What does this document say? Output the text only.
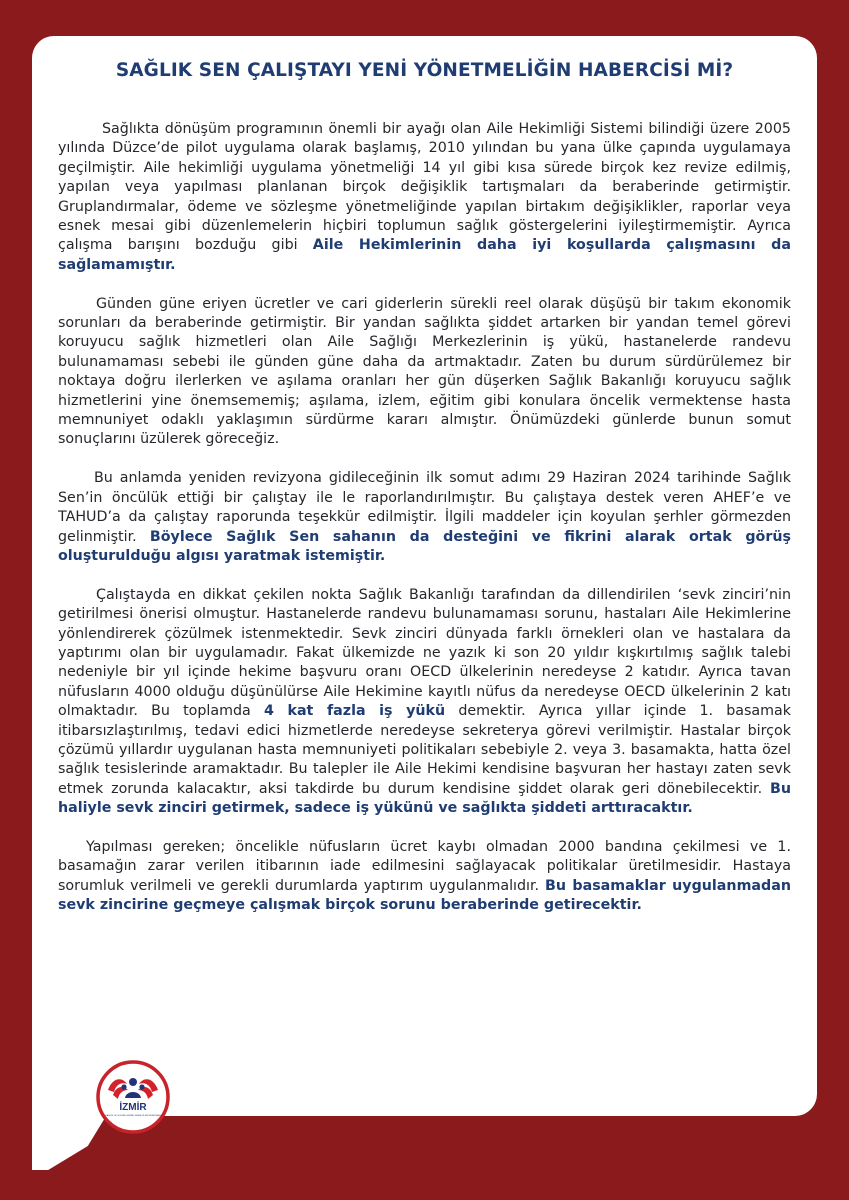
SAĞLIK SEN ÇALIŞTAYI YENİ YÖNETMELİĞİN HABERCİSİ Mİ?

Sağlıkta dönüşüm programının önemli bir ayağı olan Aile Hekimliği Sistemi bilindiği üzere 2005 yılında Düzce’de pilot uygulama olarak başlamış, 2010 yılından bu yana ülke çapında uygulamaya geçilmiştir. Aile hekimliği uygulama yönetmeliği 14 yıl gibi kısa sürede birçok kez revize edilmiş, yapılan veya yapılması planlanan birçok değişiklik tartışmaları da beraberinde getirmiştir. Gruplandırmalar, ödeme ve sözleşme yönetmeliğinde yapılan birtakım değişiklikler, raporlar veya esnek mesai gibi düzenlemelerin hiçbiri toplumun sağlık göstergelerini iyileştirmemiştir. Ayrıca çalışma barışını bozduğu gibi Aile Hekimlerinin daha iyi koşullarda çalışmasını da sağlamamıştır.

Günden güne eriyen ücretler ve cari giderlerin sürekli reel olarak düşüşü bir takım ekonomik sorunları da beraberinde getirmiştir. Bir yandan sağlıkta şiddet artarken bir yandan temel görevi koruyucu sağlık hizmetleri olan Aile Sağlığı Merkezlerinin iş yükü, hastanelerde randevu bulunamaması sebebi ile günden güne daha da artmaktadır. Zaten bu durum sürdürülemez bir noktaya doğru ilerlerken ve aşılama oranları her gün düşerken Sağlık Bakanlığı koruyucu sağlık hizmetlerini yine önemsememiş; aşılama, izlem, eğitim gibi konulara öncelik vermektense hasta memnuniyet odaklı yaklaşımın sürdürme kararı almıştır. Önümüzdeki günlerde bunun somut sonuçlarını üzülerek göreceğiz.

Bu anlamda yeniden revizyona gidileceğinin ilk somut adımı 29 Haziran 2024 tarihinde Sağlık Sen’in öncülük ettiği bir çalıştay ile le raporlandırılmıştır. Bu çalıştaya destek veren AHEF’e ve TAHUD’a da çalıştay raporunda teşekkür edilmiştir. İlgili maddeler için koyulan şerhler görmezden gelinmiştir. Böylece Sağlık Sen sahanın da desteğini ve fikrini alarak ortak görüş oluşturulduğu algısı yaratmak istemiştir.

Çalıştayda en dikkat çekilen nokta Sağlık Bakanlığı tarafından da dillendirilen ‘sevk zinciri’nin getirilmesi önerisi olmuştur. Hastanelerde randevu bulunamaması sorunu, hastaları Aile Hekimlerine yönlendirerek çözülmek istenmektedir. Sevk zinciri dünyada farklı örnekleri olan ve hastalara da yaptırımı olan bir uygulamadır. Fakat ülkemizde ne yazık ki son 20 yıldır kışkırtılmış sağlık talebi nedeniyle bir yıl içinde hekime başvuru oranı OECD ülkelerinin neredeyse 2 katıdır. Ayrıca tavan nüfusların 4000 olduğu düşünülürse Aile Hekimine kayıtlı nüfus da neredeyse OECD ülkelerinin 2 katı olmaktadır. Bu toplamda 4 kat fazla iş yükü demektir. Ayrıca yıllar içinde 1. basamak itibarsızlaştırılmış, tedavi edici hizmetlerde neredeyse sekreterya görevi verilmiştir. Hastalar birçok çözümü yıllardır uygulanan hasta memnuniyeti politikaları sebebiyle 2. veya 3. basamakta, hatta özel sağlık tesislerinde aramaktadır. Bu talepler ile Aile Hekimi kendisine başvuran her hastayı zaten sevk etmek zorunda kalacaktır, aksi takdirde bu durum kendisine şiddet olarak geri dönebilecektir. Bu haliyle sevk zinciri getirmek, sadece iş yükünü ve sağlıkta şiddeti arttıracaktır.

Yapılması gereken; öncelikle nüfusların ücret kaybı olmadan 2000 bandına çekilmesi ve 1. basamağın zarar verilen itibarının iade edilmesini sağlayacak politikalar üretilmesidir. Hastaya sorumluk verilmeli ve gerekli durumlarda yaptırım uygulanmalıdır. Bu basamaklar uygulanmadan sevk zincirine geçmeye çalışmak birçok sorunu beraberinde getirecektir.

İZMİR
SAĞLIK VE SOSYAL HİZMET EMEKÇİLERİ SENDİKASI
